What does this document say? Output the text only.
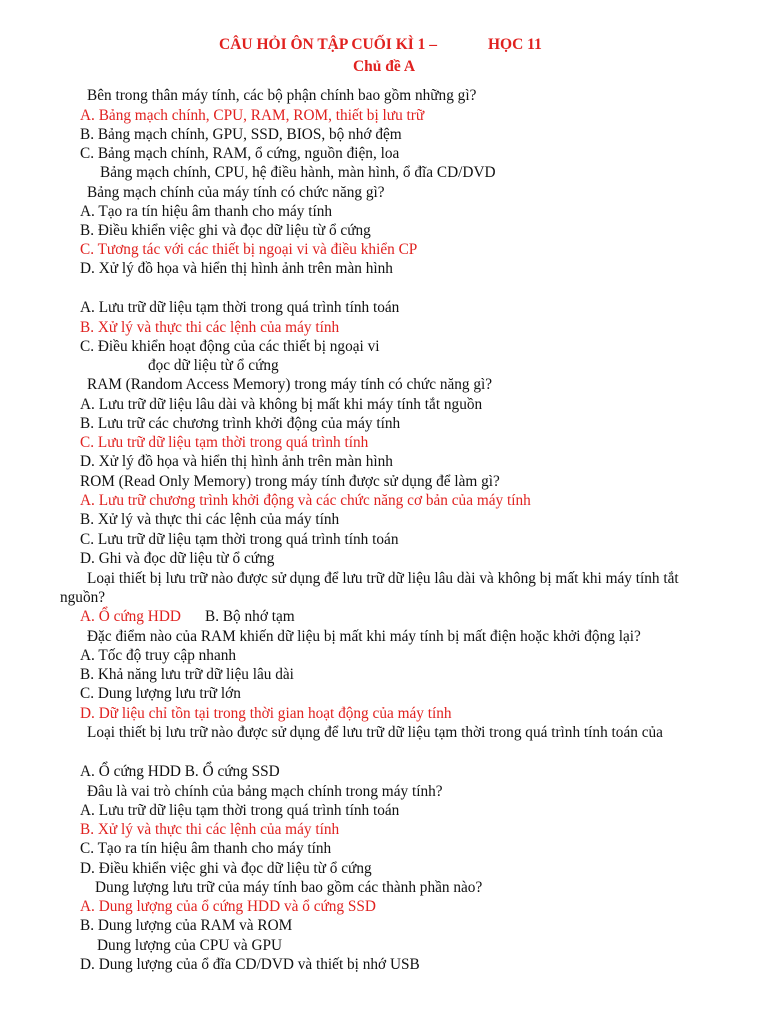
CÂU HỎI ÔN TẬP CUỐI KÌ 1 –	HỌC 11
Chủ đề A
Bên trong thân máy tính, các bộ phận chính bao gồm những gì?
A. Bảng mạch chính, CPU, RAM, ROM, thiết bị lưu trữ
B. Bảng mạch chính, GPU, SSD, BIOS, bộ nhớ đệm
C. Bảng mạch chính, RAM, ổ cứng, nguồn điện, loa
Bảng mạch chính, CPU, hệ điều hành, màn hình, ổ đĩa CD/DVD
Bảng mạch chính của máy tính có chức năng gì?
A. Tạo ra tín hiệu âm thanh cho máy tính
B. Điều khiển việc ghi và đọc dữ liệu từ ổ cứng
C. Tương tác với các thiết bị ngoại vi và điều khiển CP
D. Xử lý đồ họa và hiển thị hình ảnh trên màn hình
A. Lưu trữ dữ liệu tạm thời trong quá trình tính toán
B. Xử lý và thực thi các lệnh của máy tính
C. Điều khiển hoạt động của các thiết bị ngoại vi
đọc dữ liệu từ ổ cứng
RAM (Random Access Memory) trong máy tính có chức năng gì?
A. Lưu trữ dữ liệu lâu dài và không bị mất khi máy tính tắt nguồn
B. Lưu trữ các chương trình khởi động của máy tính
C. Lưu trữ dữ liệu tạm thời trong quá trình tính
D. Xử lý đồ họa và hiển thị hình ảnh trên màn hình
ROM (Read Only Memory) trong máy tính được sử dụng để làm gì?
A. Lưu trữ chương trình khởi động và các chức năng cơ bản của máy tính
B. Xử lý và thực thi các lệnh của máy tính
C. Lưu trữ dữ liệu tạm thời trong quá trình tính toán
D. Ghi và đọc dữ liệu từ ổ cứng
Loại thiết bị lưu trữ nào được sử dụng để lưu trữ dữ liệu lâu dài và không bị mất khi máy tính tắt
nguồn?
A. Ổ cứng HDD B. Bộ nhớ tạm
Đặc điểm nào của RAM khiến dữ liệu bị mất khi máy tính bị mất điện hoặc khởi động lại?
A. Tốc độ truy cập nhanh
B. Khả năng lưu trữ dữ liệu lâu dài
C. Dung lượng lưu trữ lớn
D. Dữ liệu chỉ tồn tại trong thời gian hoạt động của máy tính
Loại thiết bị lưu trữ nào được sử dụng để lưu trữ dữ liệu tạm thời trong quá trình tính toán của
A. Ổ cứng HDD B. Ổ cứng SSD
Đâu là vai trò chính của bảng mạch chính trong máy tính?
A. Lưu trữ dữ liệu tạm thời trong quá trình tính toán
B. Xử lý và thực thi các lệnh của máy tính
C. Tạo ra tín hiệu âm thanh cho máy tính
D. Điều khiển việc ghi và đọc dữ liệu từ ổ cứng
Dung lượng lưu trữ của máy tính bao gồm các thành phần nào?
A. Dung lượng của ổ cứng HDD và ổ cứng SSD
B. Dung lượng của RAM và ROM
Dung lượng của CPU và GPU
D. Dung lượng của ổ đĩa CD/DVD và thiết bị nhớ USB
